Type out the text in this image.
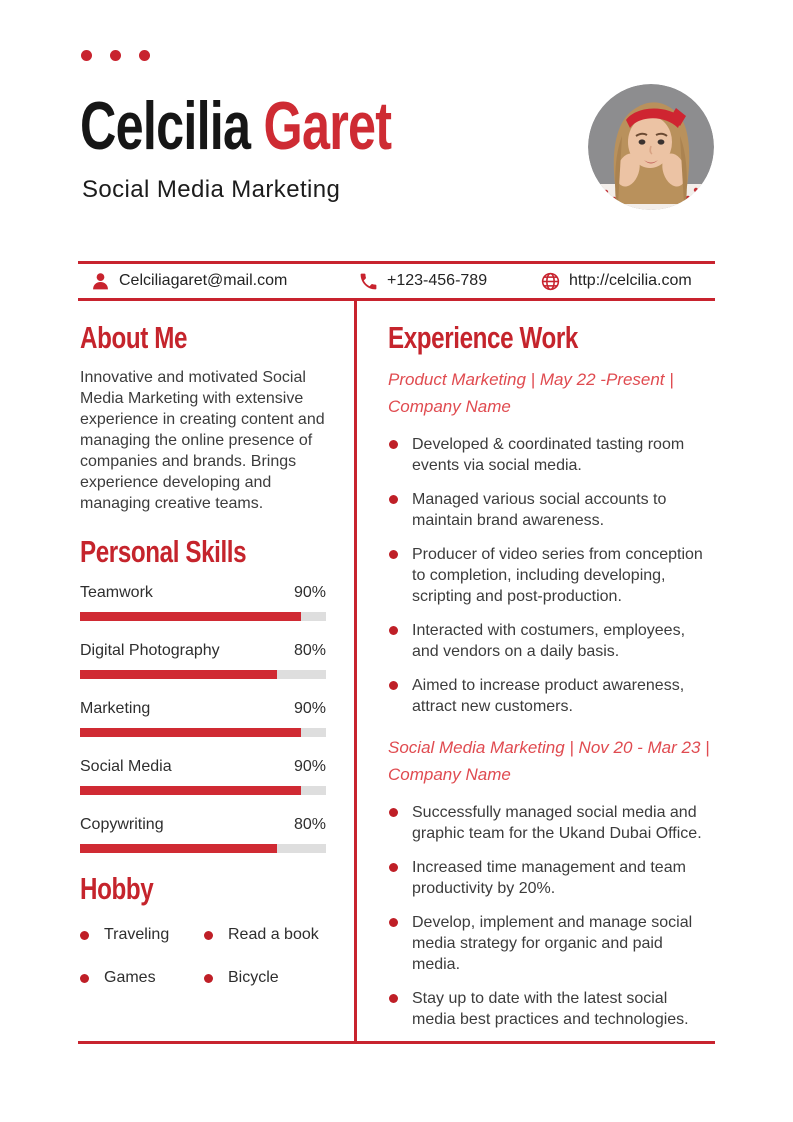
Celcilia Garet
Social Media Marketing
Celciliagaret@mail.com	+123-456-789	http://celcilia.com
About Me

Innovative and motivated Social Media Marketing with extensive experience in creating content and managing the online presence of companies and brands. Brings experience developing and managing creative teams.

Personal Skills
Teamwork	90%
Digital Photography	80%
Marketing	90%
Social Media	90%
Copywriting	80%
Hobby
Traveling	Read a book
Games	Bicycle
Experience Work
Product Marketing | May 22 -Present | Company Name
Developed & coordinated tasting room events via social media.
Managed various social accounts to maintain brand awareness.
Producer of video series from conception to completion, including developing, scripting and post-production.
Interacted with costumers, employees, and vendors on a daily basis.
Aimed to increase product awareness, attract new customers.
Social Media Marketing | Nov 20 - Mar 23 | Company Name
Successfully managed social media and graphic team for the Ukand Dubai Office.
Increased time management and team productivity by 20%.
Develop, implement and manage social media strategy for organic and paid media.
Stay up to date with the latest social media best practices and technologies.
